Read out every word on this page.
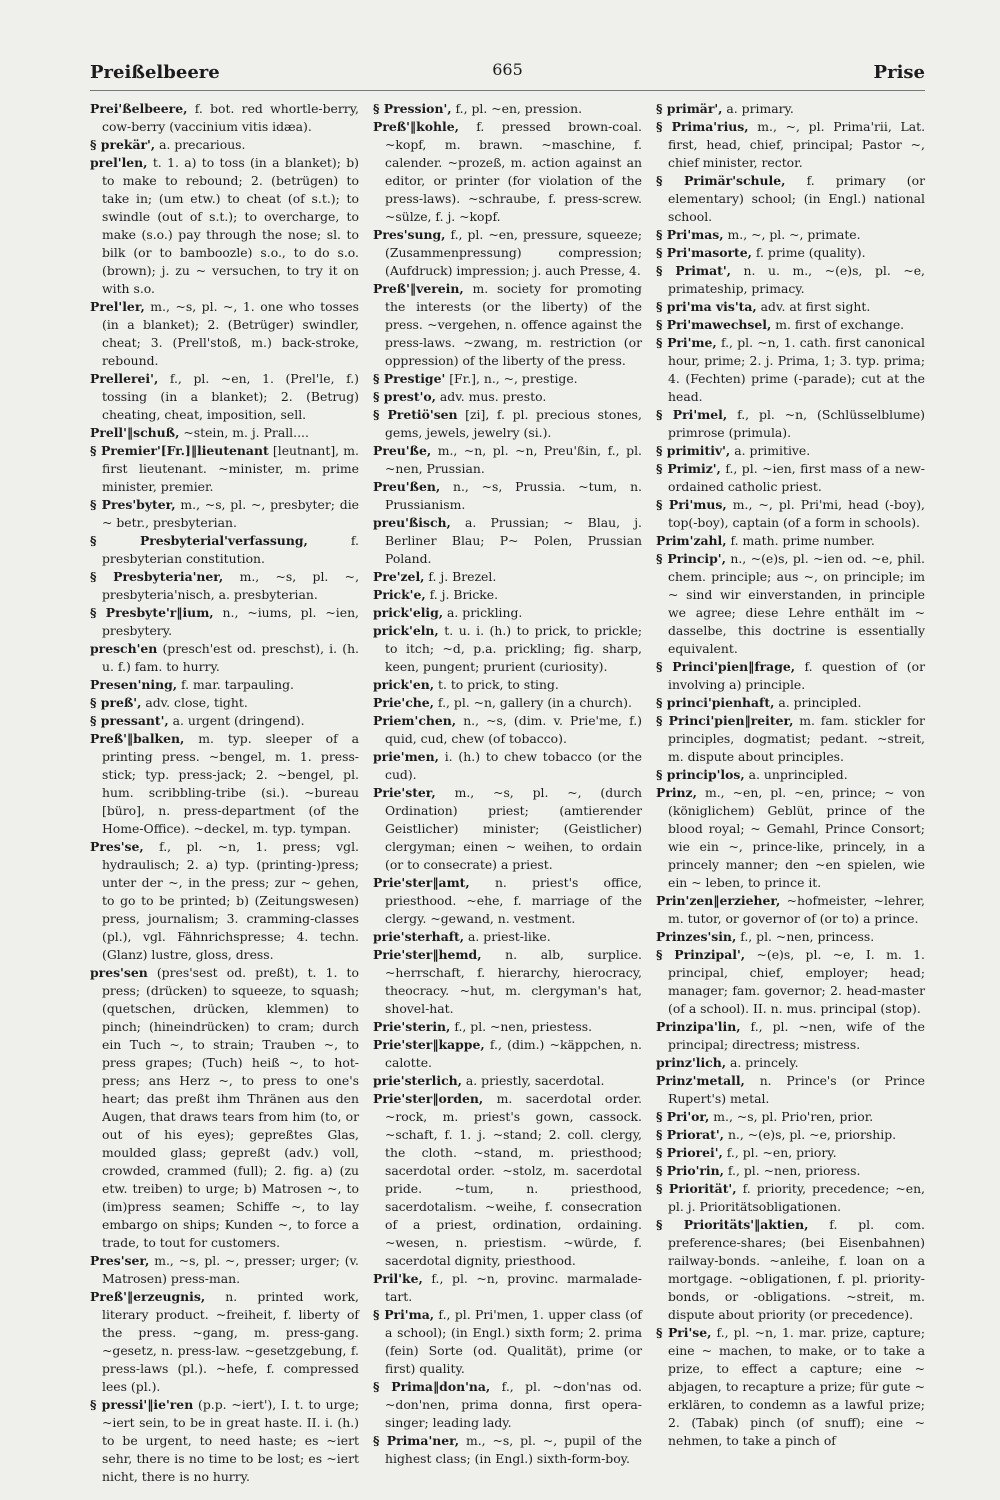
Preißelbeere	665	Prise

Prei'ßelbeere, f. bot. red whortle-berry, cow-berry (vaccinium vitis idæa).

§ prekär', a. precarious.

prel'len, t. 1. a) to toss (in a blanket); b) to make to rebound; 2. (betrügen) to take in; (um etw.) to cheat (of s.t.); to swindle (out of s.t.); to overcharge, to make (s.o.) pay through the nose; sl. to bilk (or to bamboozle) s.o., to do s.o. (brown); j. zu ~ versuchen, to try it on with s.o.

Prel'ler, m., ~s, pl. ~, 1. one who tosses (in a blanket); 2. (Betrüger) swindler, cheat; 3. (Prell'stoß, m.) back-stroke, rebound.

Prellerei', f., pl. ~en, 1. (Prel'le, f.) tossing (in a blanket); 2. (Betrug) cheating, cheat, imposition, sell.

Prell'‖schuß, ~stein, m. j. Prall....

§ Premier'[Fr.]‖lieutenant [leutnant], m. first lieutenant. ~minister, m. prime minister, premier.

§ Pres'byter, m., ~s, pl. ~, presbyter; die ~ betr., presbyterian.

§ Presbyterial'verfassung, f. presbyterian constitution.

§ Presbyteria'ner, m., ~s, pl. ~, presbyteria'nisch, a. presbyterian.

§ Presbyte'r‖ium, n., ~iums, pl. ~ien, presbytery.

presch'en (presch'est od. preschst), i. (h. u. f.) fam. to hurry.

Presen'ning, f. mar. tarpauling.

§ preß', adv. close, tight.

§ pressant', a. urgent (dringend).

Preß'‖balken, m. typ. sleeper of a printing press. ~bengel, m. 1. press-stick; typ. press-jack; 2. ~bengel, pl. hum. scribbling-tribe (si.). ~bureau [büro], n. press-department (of the Home-Office). ~deckel, m. typ. tympan.

Pres'se, f., pl. ~n, 1. press; vgl. hydraulisch; 2. a) typ. (printing-)press; unter der ~, in the press; zur ~ gehen, to go to be printed; b) (Zeitungswesen) press, journalism; 3. cramming-classes (pl.), vgl. Fähnrichspresse; 4. techn. (Glanz) lustre, gloss, dress.

pres'sen (pres'sest od. preßt), t. 1. to press; (drücken) to squeeze, to squash; (quetschen, drücken, klemmen) to pinch; (hineindrücken) to cram; durch ein Tuch ~, to strain; Trauben ~, to press grapes; (Tuch) heiß ~, to hot-press; ans Herz ~, to press to one's heart; das preßt ihm Thränen aus den Augen, that draws tears from him (to, or out of his eyes); gepreßtes Glas, moulded glass; gepreßt (adv.) voll, crowded, crammed (full); 2. fig. a) (zu etw. treiben) to urge; b) Matrosen ~, to (im)press seamen; Schiffe ~, to lay embargo on ships; Kunden ~, to force a trade, to tout for customers.

Pres'ser, m., ~s, pl. ~, presser; urger; (v. Matrosen) press-man.

Preß'‖erzeugnis, n. printed work, literary product. ~freiheit, f. liberty of the press. ~gang, m. press-gang. ~gesetz, n. press-law. ~gesetzgebung, f. press-laws (pl.). ~hefe, f. compressed lees (pl.).

§ pressi'‖ie'ren (p.p. ~iert'), I. t. to urge; ~iert sein, to be in great haste. II. i. (h.) to be urgent, to need haste; es ~iert sehr, there is no time to be lost; es ~iert nicht, there is no hurry.

§ Pression', f., pl. ~en, pression.

Preß'‖kohle, f. pressed brown-coal. ~kopf, m. brawn. ~maschine, f. calender. ~prozeß, m. action against an editor, or printer (for violation of the press-laws). ~schraube, f. press-screw. ~sülze, f. j. ~kopf.

Pres'sung, f., pl. ~en, pressure, squeeze; (Zusammenpressung) compression; (Aufdruck) impression; j. auch Presse, 4.

Preß'‖verein, m. society for promoting the interests (or the liberty) of the press. ~vergehen, n. offence against the press-laws. ~zwang, m. restriction (or oppression) of the liberty of the press.

§ Prestige' [Fr.], n., ~, prestige.

§ prest'o, adv. mus. presto.

§ Pretiö'sen [zi], f. pl. precious stones, gems, jewels, jewelry (si.).

Preu'ße, m., ~n, pl. ~n, Preu'ßin, f., pl. ~nen, Prussian.

Preu'ßen, n., ~s, Prussia. ~tum, n. Prussianism.

preu'ßisch, a. Prussian; ~ Blau, j. Berliner Blau; P~ Polen, Prussian Poland.

Pre'zel, f. j. Brezel.

Prick'e, f. j. Bricke.

prick'elig, a. prickling.

prick'eln, t. u. i. (h.) to prick, to prickle; to itch; ~d, p.a. prickling; fig. sharp, keen, pungent; prurient (curiosity).

prick'en, t. to prick, to sting.

Prie'che, f., pl. ~n, gallery (in a church).

Priem'chen, n., ~s, (dim. v. Prie'me, f.) quid, cud, chew (of tobacco).

prie'men, i. (h.) to chew tobacco (or the cud).

Prie'ster, m., ~s, pl. ~, (durch Ordination) priest; (amtierender Geistlicher) minister; (Geistlicher) clergyman; einen ~ weihen, to ordain (or to consecrate) a priest.

Prie'ster‖amt, n. priest's office, priesthood. ~ehe, f. marriage of the clergy. ~gewand, n. vestment.

prie'sterhaft, a. priest-like.

Prie'ster‖hemd, n. alb, surplice. ~herrschaft, f. hierarchy, hierocracy, theocracy. ~hut, m. clergyman's hat, shovel-hat.

Prie'sterin, f., pl. ~nen, priestess.

Prie'ster‖kappe, f., (dim.) ~käppchen, n. calotte.

prie'sterlich, a. priestly, sacerdotal.

Prie'ster‖orden, m. sacerdotal order. ~rock, m. priest's gown, cassock. ~schaft, f. 1. j. ~stand; 2. coll. clergy, the cloth. ~stand, m. priesthood; sacerdotal order. ~stolz, m. sacerdotal pride. ~tum, n. priesthood, sacerdotalism. ~weihe, f. consecration of a priest, ordination, ordaining. ~wesen, n. priestism. ~würde, f. sacerdotal dignity, priesthood.

Pril'ke, f., pl. ~n, provinc. marmalade-tart.

§ Pri'ma, f., pl. Pri'men, 1. upper class (of a school); (in Engl.) sixth form; 2. prima (fein) Sorte (od. Qualität), prime (or first) quality.

§ Prima‖don'na, f., pl. ~don'nas od. ~don'nen, prima donna, first opera-singer; leading lady.

§ Prima'ner, m., ~s, pl. ~, pupil of the highest class; (in Engl.) sixth-form-boy.

§ primär', a. primary.

§ Prima'rius, m., ~, pl. Prima'rii, Lat. first, head, chief, principal; Pastor ~, chief minister, rector.

§ Primär'schule, f. primary (or elementary) school; (in Engl.) national school.

§ Pri'mas, m., ~, pl. ~, primate.

§ Pri'masorte, f. prime (quality).

§ Primat', n. u. m., ~(e)s, pl. ~e, primateship, primacy.

§ pri'ma vis'ta, adv. at first sight.

§ Pri'mawechsel, m. first of exchange.

§ Pri'me, f., pl. ~n, 1. cath. first canonical hour, prime; 2. j. Prima, 1; 3. typ. prima; 4. (Fechten) prime (-parade); cut at the head.

§ Pri'mel, f., pl. ~n, (Schlüsselblume) primrose (primula).

§ primitiv', a. primitive.

§ Primiz', f., pl. ~ien, first mass of a new-ordained catholic priest.

§ Pri'mus, m., ~, pl. Pri'mi, head (-boy), top(-boy), captain (of a form in schools).

Prim'zahl, f. math. prime number.

§ Princip', n., ~(e)s, pl. ~ien od. ~e, phil. chem. principle; aus ~, on principle; im ~ sind wir einverstanden, in principle we agree; diese Lehre enthält im ~ dasselbe, this doctrine is essentially equivalent.

§ Princi'pien‖frage, f. question of (or involving a) principle.

§ princi'pienhaft, a. principled.

§ Princi'pien‖reiter, m. fam. stickler for principles, dogmatist; pedant. ~streit, m. dispute about principles.

§ princip'los, a. unprincipled.

Prinz, m., ~en, pl. ~en, prince; ~ von (königlichem) Geblüt, prince of the blood royal; ~ Gemahl, Prince Consort; wie ein ~, prince-like, princely, in a princely manner; den ~en spielen, wie ein ~ leben, to prince it.

Prin'zen‖erzieher, ~hofmeister, ~lehrer, m. tutor, or governor of (or to) a prince.

Prinzes'sin, f., pl. ~nen, princess.

§ Prinzipal', ~(e)s, pl. ~e, I. m. 1. principal, chief, employer; head; manager; fam. governor; 2. head-master (of a school). II. n. mus. principal (stop).

Prinzipa'lin, f., pl. ~nen, wife of the principal; directress; mistress.

prinz'lich, a. princely.

Prinz'metall, n. Prince's (or Prince Rupert's) metal.

§ Pri'or, m., ~s, pl. Prio'ren, prior.

§ Priorat', n., ~(e)s, pl. ~e, priorship.

§ Priorei', f., pl. ~en, priory.

§ Prio'rin, f., pl. ~nen, prioress.

§ Priorität', f. priority, precedence; ~en, pl. j. Prioritätsobligationen.

§ Prioritäts'‖aktien, f. pl. com. preference-shares; (bei Eisenbahnen) railway-bonds. ~anleihe, f. loan on a mortgage. ~obligationen, f. pl. priority-bonds, or -obligations. ~streit, m. dispute about priority (or precedence).

§ Pri'se, f., pl. ~n, 1. mar. prize, capture; eine ~ machen, to make, or to take a prize, to effect a capture; eine ~ abjagen, to recapture a prize; für gute ~ erklären, to condemn as a lawful prize; 2. (Tabak) pinch (of snuff); eine ~ nehmen, to take a pinch of
